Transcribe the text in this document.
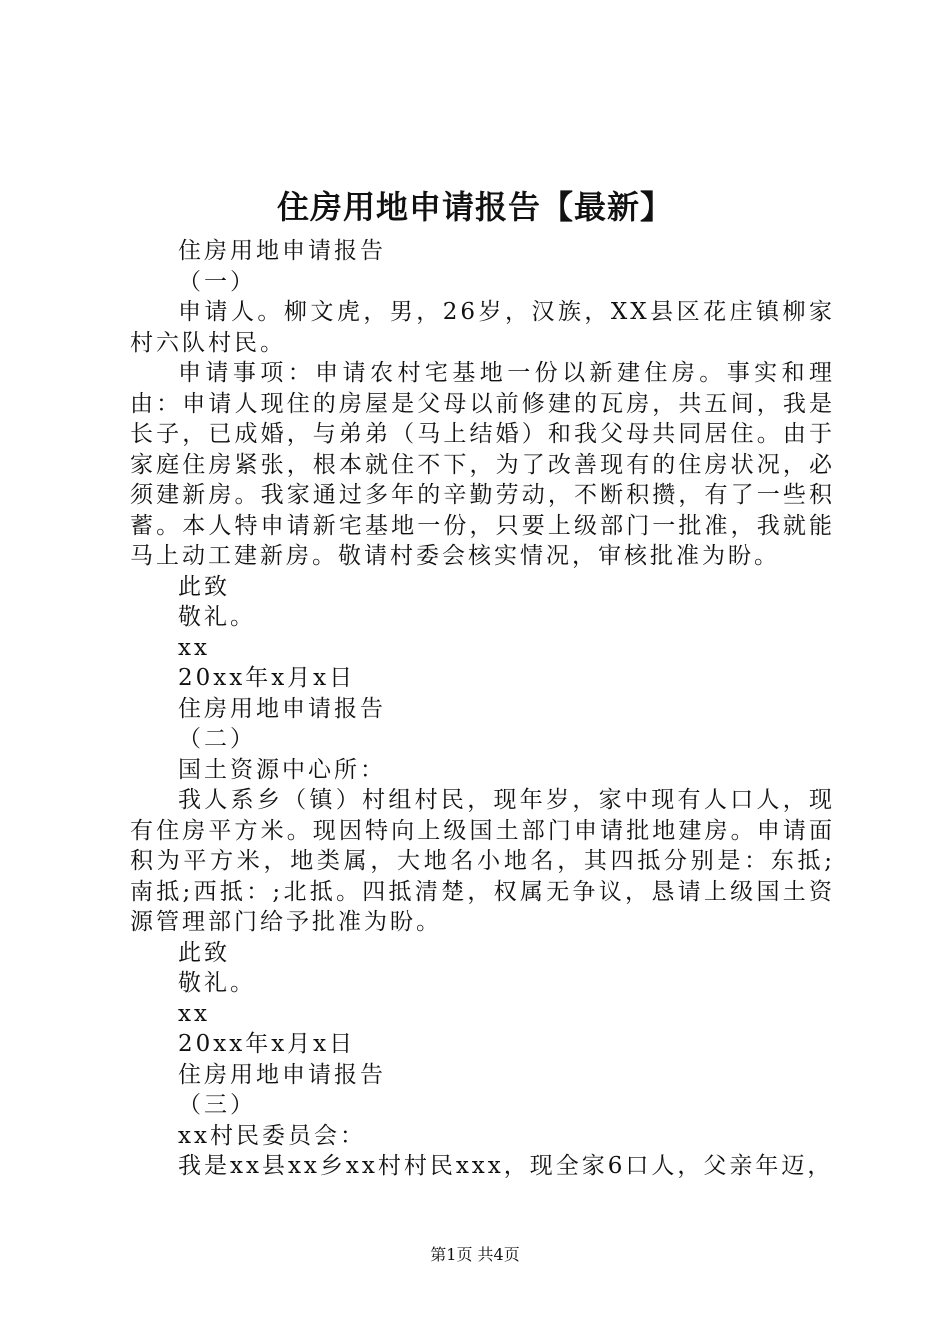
住房用地申请报告【最新】

住房用地申请报告

（一）

申请人。柳文虎，男，26岁，汉族，XX县区花庄镇柳家村六队村民。

申请事项：申请农村宅基地一份以新建住房。事实和理由：申请人现住的房屋是父母以前修建的瓦房，共五间，我是长子，已成婚，与弟弟（马上结婚）和我父母共同居住。由于家庭住房紧张，根本就住不下，为了改善现有的住房状况，必须建新房。我家通过多年的辛勤劳动，不断积攒，有了一些积蓄。本人特申请新宅基地一份，只要上级部门一批准，我就能马上动工建新房。敬请村委会核实情况，审核批准为盼。

此致

敬礼。

xx

20xx年x月x日

住房用地申请报告

（二）

国土资源中心所：

我人系乡（镇）村组村民，现年岁，家中现有人口人，现有住房平方米。现因特向上级国土部门申请批地建房。申请面积为平方米，地类属，大地名小地名，其四抵分别是：东抵;南抵;西抵：;北抵。四抵清楚，权属无争议，恳请上级国土资源管理部门给予批准为盼。

此致

敬礼。

xx

20xx年x月x日

住房用地申请报告

（三）

xx村民委员会：

我是xx县xx乡xx村村民xxx，现全家6口人，父亲年迈，

第1页 共4页
